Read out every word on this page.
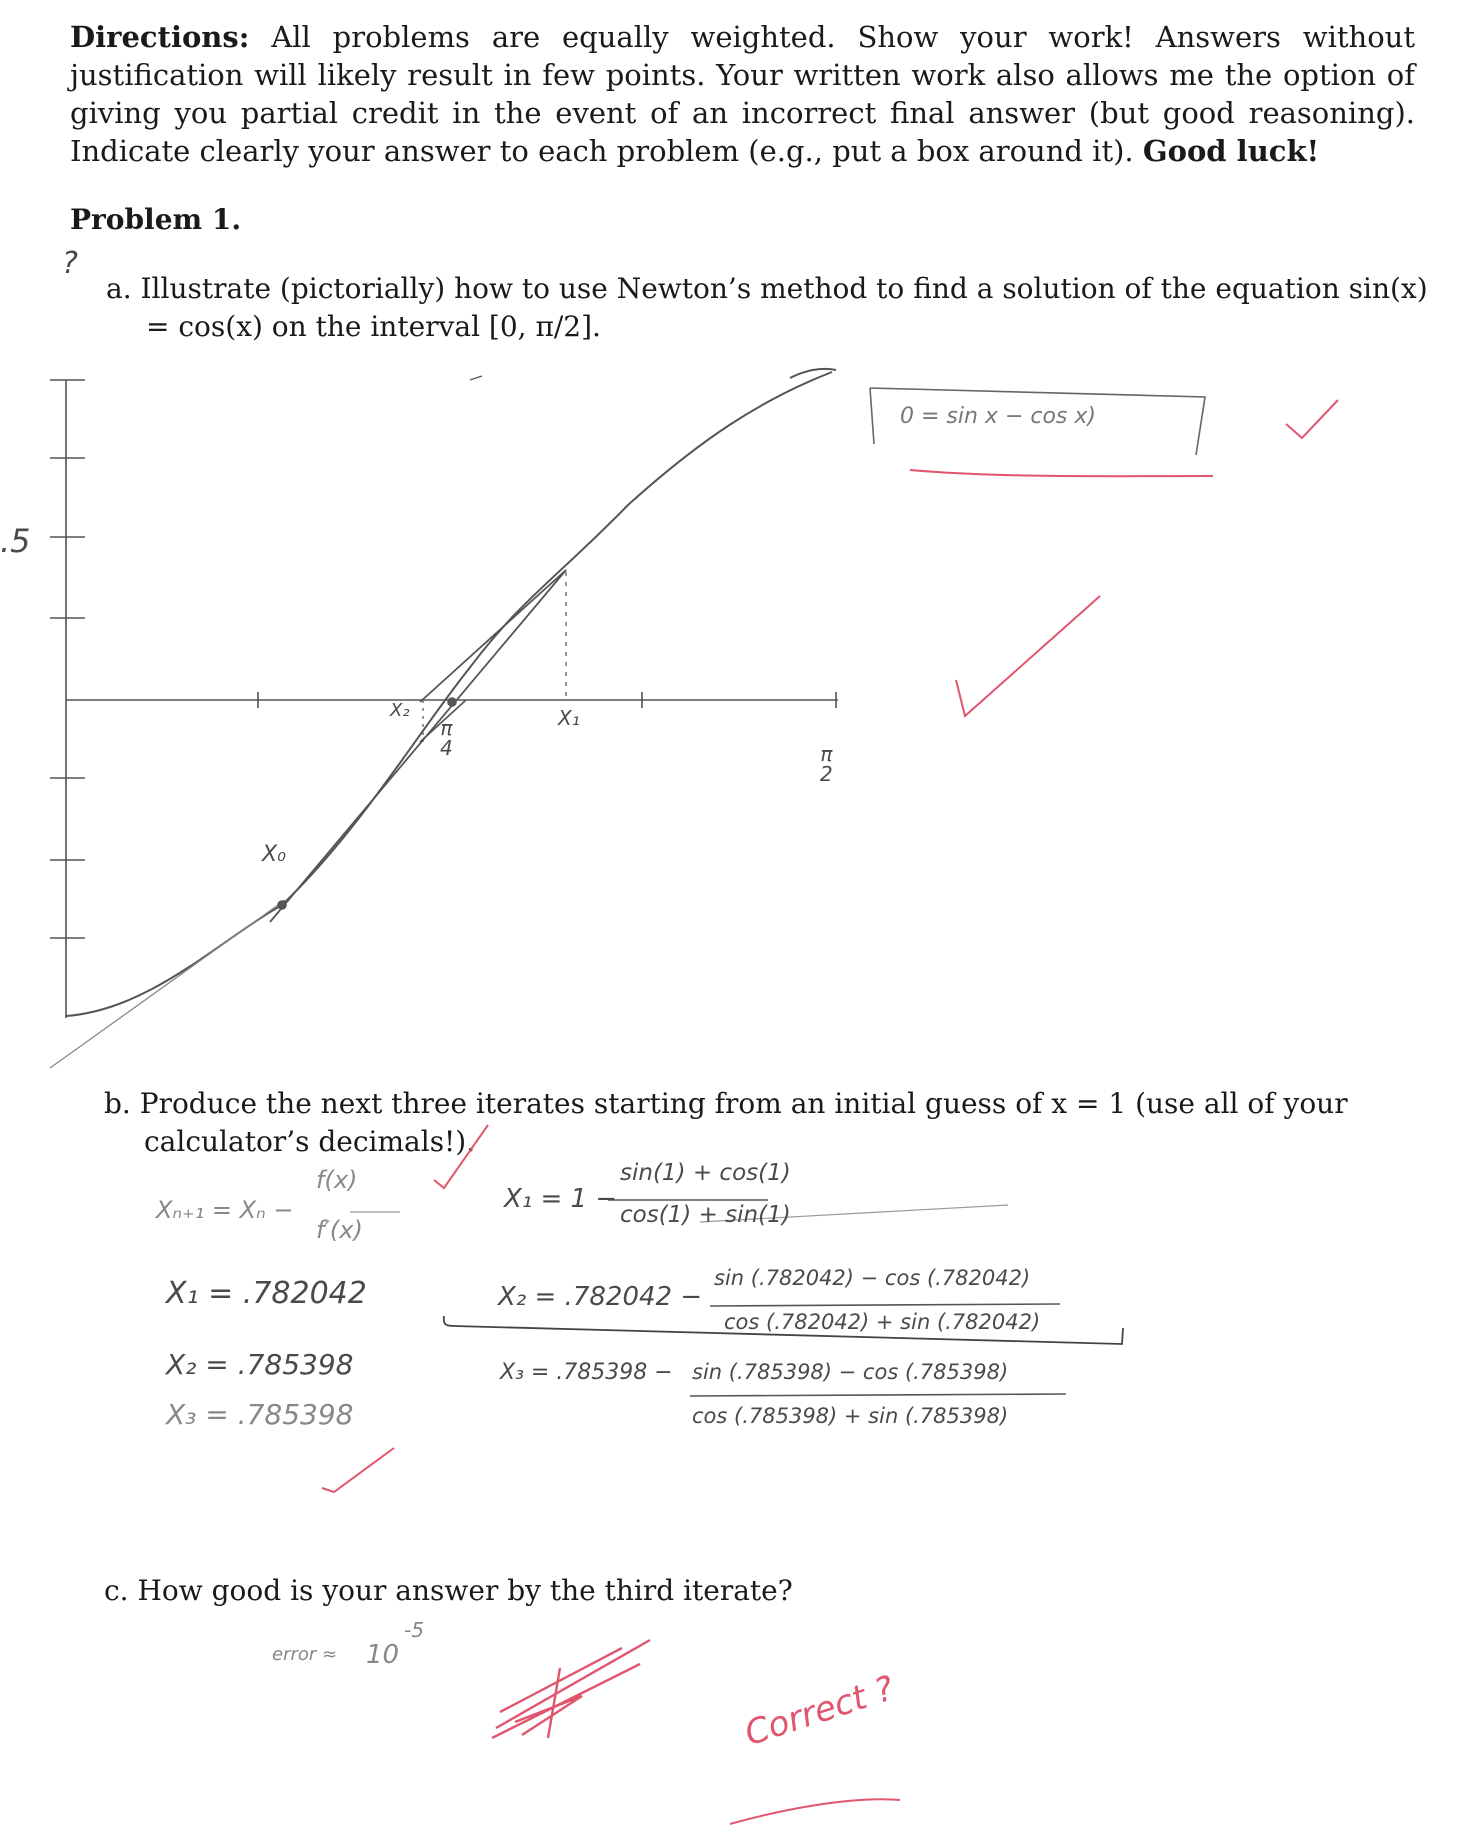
Directions: All problems are equally weighted. Show your work! Answers without justification will likely result in few points. Your written work also allows me the option of giving you partial credit in the event of an incorrect final answer (but good reasoning). Indicate clearly your answer to each problem (e.g., put a box around it). Good luck!
Problem 1.
a. Illustrate (pictorially) how to use Newton’s method to find a solution of the equation sin(x) = cos(x) on the interval [0, π/2].
b. Produce the next three iterates starting from an initial guess of x = 1 (use all of your calculator’s decimals!).
c. How good is your answer by the third iterate?
?
.5
X₀
X₁
X₂
π
4	π
2
0 = sin x − cos x)
Xₙ₊₁ = Xₙ −
f(x)
f′(x)
X₁ = 1 −
sin(1) + cos(1)
cos(1) + sin(1)
X₂ = .782042 −
sin (.782042) − cos (.782042)
cos (.782042) + sin (.782042)
X₃ = .785398 − sin (.785398) − cos (.785398)
cos (.785398) + sin (.785398)
X₁ = .782042
X₂ = .785398
X₃ = .785398
error ≈ 10
-5
Correct ?
